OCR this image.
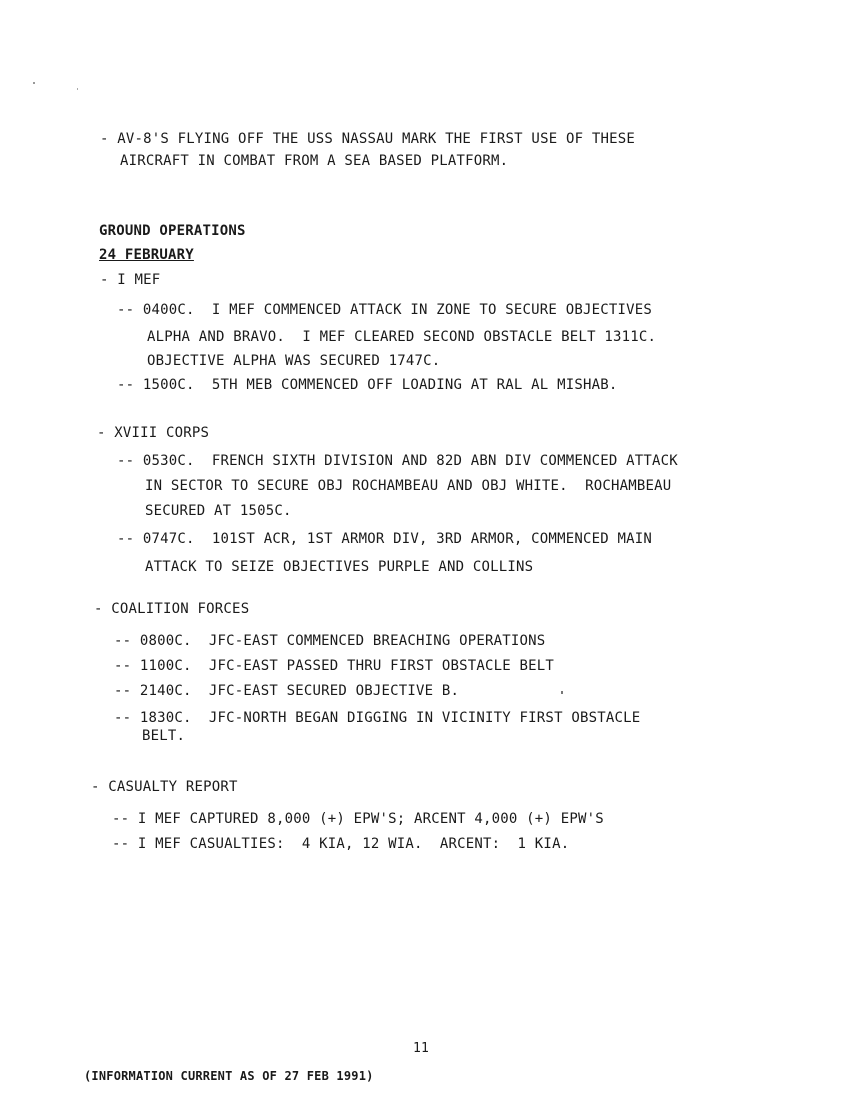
- AV-8'S FLYING OFF THE USS NASSAU MARK THE FIRST USE OF THESE
AIRCRAFT IN COMBAT FROM A SEA BASED PLATFORM.
GROUND OPERATIONS
24 FEBRUARY
- I MEF
-- 0400C.  I MEF COMMENCED ATTACK IN ZONE TO SECURE OBJECTIVES
ALPHA AND BRAVO.  I MEF CLEARED SECOND OBSTACLE BELT 1311C.
OBJECTIVE ALPHA WAS SECURED 1747C.
-- 1500C.  5TH MEB COMMENCED OFF LOADING AT RAL AL MISHAB.
- XVIII CORPS
-- 0530C.  FRENCH SIXTH DIVISION AND 82D ABN DIV COMMENCED ATTACK
IN SECTOR TO SECURE OBJ ROCHAMBEAU AND OBJ WHITE.  ROCHAMBEAU
SECURED AT 1505C.
-- 0747C.  101ST ACR, 1ST ARMOR DIV, 3RD ARMOR, COMMENCED MAIN
ATTACK TO SEIZE OBJECTIVES PURPLE AND COLLINS
- COALITION FORCES
-- 0800C.  JFC-EAST COMMENCED BREACHING OPERATIONS
-- 1100C.  JFC-EAST PASSED THRU FIRST OBSTACLE BELT
-- 2140C.  JFC-EAST SECURED OBJECTIVE B.
-- 1830C.  JFC-NORTH BEGAN DIGGING IN VICINITY FIRST OBSTACLE
BELT.
- CASUALTY REPORT
-- I MEF CAPTURED 8,000 (+) EPW'S; ARCENT 4,000 (+) EPW'S
-- I MEF CASUALTIES:  4 KIA, 12 WIA.  ARCENT:  1 KIA.
11
(INFORMATION CURRENT AS OF 27 FEB 1991)
